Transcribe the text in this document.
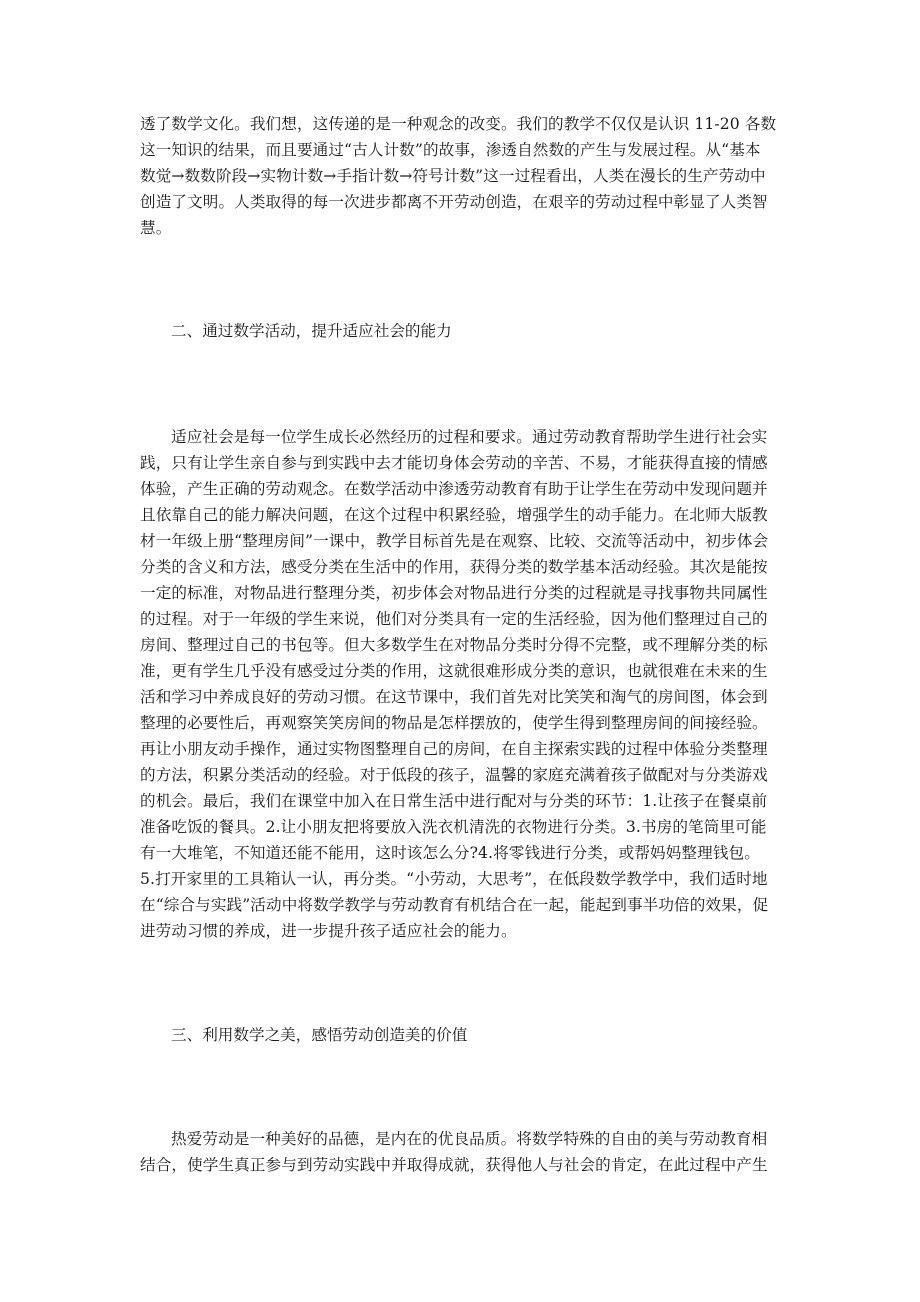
透了数学文化。我们想，这传递的是一种观念的改变。我们的教学不仅仅是认识 11-20 各数
这一知识的结果，而且要通过“古人计数”的故事，渗透自然数的产生与发展过程。从“基本
数觉→数数阶段→实物计数→手指计数→符号计数”这一过程看出，人类在漫长的生产劳动中
创造了文明。人类取得的每一次进步都离不开劳动创造，在艰辛的劳动过程中彰显了人类智
慧。
二、通过数学活动，提升适应社会的能力
适应社会是每一位学生成长必然经历的过程和要求。通过劳动教育帮助学生进行社会实
践，只有让学生亲自参与到实践中去才能切身体会劳动的辛苦、不易，才能获得直接的情感
体验，产生正确的劳动观念。在数学活动中渗透劳动教育有助于让学生在劳动中发现问题并
且依靠自己的能力解决问题，在这个过程中积累经验，增强学生的动手能力。在北师大版教
材一年级上册“整理房间”一课中，教学目标首先是在观察、比较、交流等活动中，初步体会
分类的含义和方法，感受分类在生活中的作用，获得分类的数学基本活动经验。其次是能按
一定的标准，对物品进行整理分类，初步体会对物品进行分类的过程就是寻找事物共同属性
的过程。对于一年级的学生来说，他们对分类具有一定的生活经验，因为他们整理过自己的
房间、整理过自己的书包等。但大多数学生在对物品分类时分得不完整，或不理解分类的标
准，更有学生几乎没有感受过分类的作用，这就很难形成分类的意识，也就很难在未来的生
活和学习中养成良好的劳动习惯。在这节课中，我们首先对比笑笑和淘气的房间图，体会到
整理的必要性后，再观察笑笑房间的物品是怎样摆放的，使学生得到整理房间的间接经验。
再让小朋友动手操作，通过实物图整理自己的房间，在自主探索实践的过程中体验分类整理
的方法，积累分类活动的经验。对于低段的孩子，温馨的家庭充满着孩子做配对与分类游戏
的机会。最后，我们在课堂中加入在日常生活中进行配对与分类的环节：1.让孩子在餐桌前
准备吃饭的餐具。2.让小朋友把将要放入洗衣机清洗的衣物进行分类。3.书房的笔筒里可能
有一大堆笔，不知道还能不能用，这时该怎么分?4.将零钱进行分类，或帮妈妈整理钱包。
5.打开家里的工具箱认一认，再分类。“小劳动，大思考”，在低段数学教学中，我们适时地
在“综合与实践”活动中将数学教学与劳动教育有机结合在一起，能起到事半功倍的效果，促
进劳动习惯的养成，进一步提升孩子适应社会的能力。
三、利用数学之美，感悟劳动创造美的价值
热爱劳动是一种美好的品德，是内在的优良品质。将数学特殊的自由的美与劳动教育相
结合，使学生真正参与到劳动实践中并取得成就，获得他人与社会的肯定，在此过程中产生
